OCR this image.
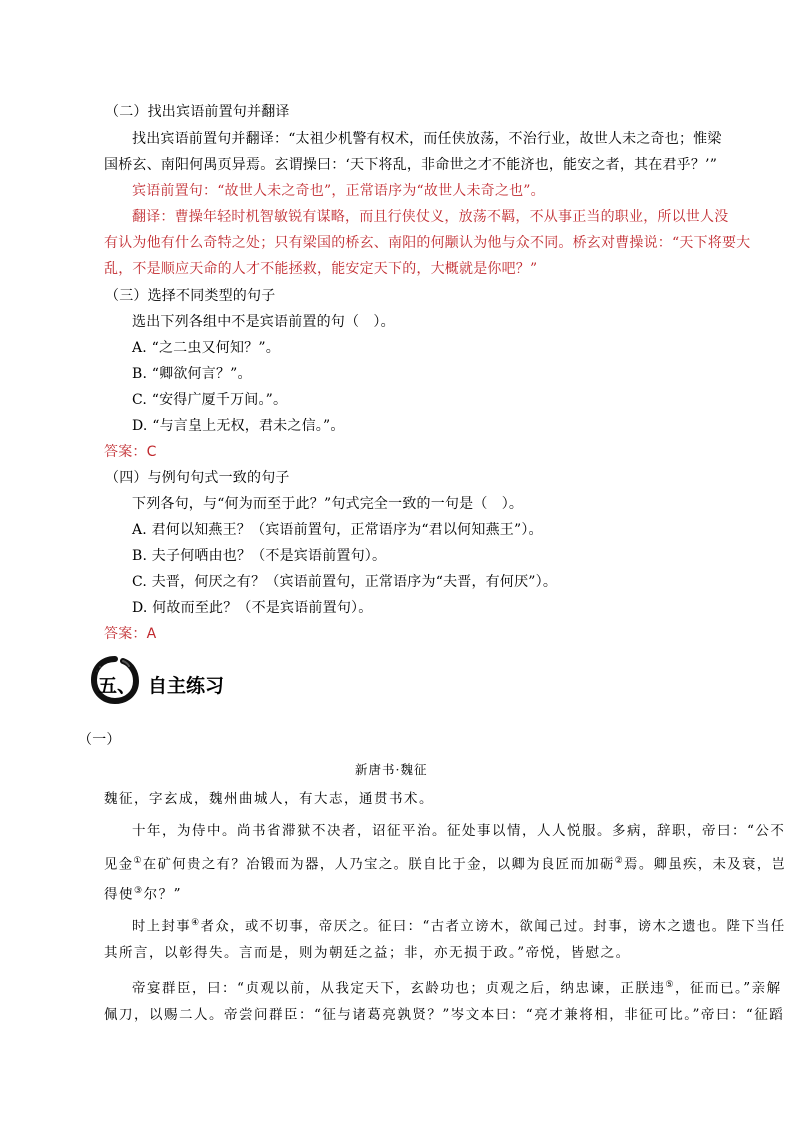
（二）找出宾语前置句并翻译
找出宾语前置句并翻译：“太祖少机警有权术，而任侠放荡，不治行业，故世人未之奇也；惟梁
国桥玄、南阳何禺页异焉。玄谓操曰：‘天下将乱，非命世之才不能济也，能安之者，其在君乎？’”
宾语前置句：“故世人未之奇也”，正常语序为“故世人未奇之也”。
翻译：曹操年轻时机智敏锐有谋略，而且行侠仗义，放荡不羁，不从事正当的职业，所以世人没
有认为他有什么奇特之处；只有梁国的桥玄、南阳的何颙认为他与众不同。桥玄对曹操说：“天下将要大
乱，不是顺应天命的人才不能拯救，能安定天下的，大概就是你吧？”
（三）选择不同类型的句子
选出下列各组中不是宾语前置的句（　）。
A. “之二虫又何知？”。
B. “卿欲何言？”。
C. “安得广厦千万间。”。
D. “与言皇上无权，君未之信。”。
答案：C
（四）与例句句式一致的句子
下列各句，与“何为而至于此？”句式完全一致的一句是（　）。
A. 君何以知燕王？（宾语前置句，正常语序为“君以何知燕王”）。
B. 夫子何哂由也？（不是宾语前置句）。
C. 夫晋，何厌之有？（宾语前置句，正常语序为“夫晋，有何厌”）。
D. 何故而至此？（不是宾语前置句）。
答案：A
五、 自主练习
（一）
新唐书·魏征
魏征，字玄成，魏州曲城人，有大志，通贯书术。
十年，为侍中。尚书省滞狱不决者，诏征平治。征处事以情，人人悦服。多病，辞职，帝曰：“公不
见金①在矿何贵之有？冶锻而为器，人乃宝之。朕自比于金，以卿为良匠而加砺②焉。卿虽疾，未及衰，岂
得使③尔？”
时上封事④者众，或不切事，帝厌之。征曰：“古者立谤木，欲闻己过。封事，谤木之遗也。陛下当任
其所言，以彰得失。言而是，则为朝廷之益；非，亦无损于政。”帝悦，皆慰之。
帝宴群臣，曰：“贞观以前，从我定天下，玄龄功也；贞观之后，纳忠谏，正朕违⑤，征而已。”亲解
佩刀，以赐二人。帝尝问群臣：“征与诸葛亮孰贤？”岑文本曰：“亮才兼将相，非征可比。”帝曰：“征蹈
